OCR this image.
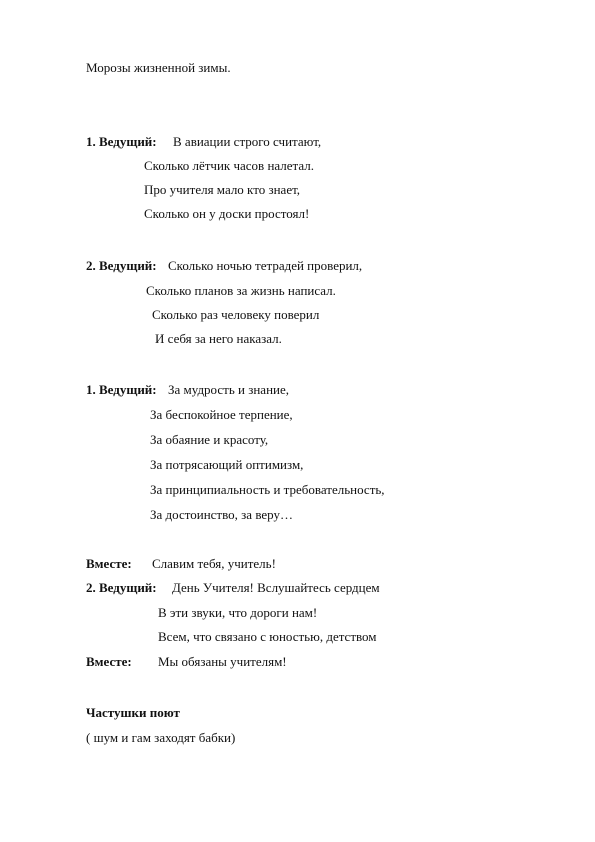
Морозы жизненной зимы.
1. Ведущий: В авиации строго считают,
Сколько лётчик часов налетал.
Про учителя мало кто знает,
Сколько он у доски простоял!
2. Ведущий: Сколько ночью тетрадей проверил,
Сколько планов за жизнь написал.
Сколько раз человеку поверил
И себя за него наказал.
1. Ведущий: За мудрость и знание,
За беспокойное терпение,
За обаяние и красоту,
За потрясающий оптимизм,
За принципиальность и требовательность,
За достоинство, за веру…
Вместе: Славим тебя, учитель!
2. Ведущий: День Учителя! Вслушайтесь сердцем
В эти звуки, что дороги нам!
Всем, что связано с юностью, детством
Вместе: Мы обязаны учителям!
Частушки поют
( шум и гам заходят бабки)
